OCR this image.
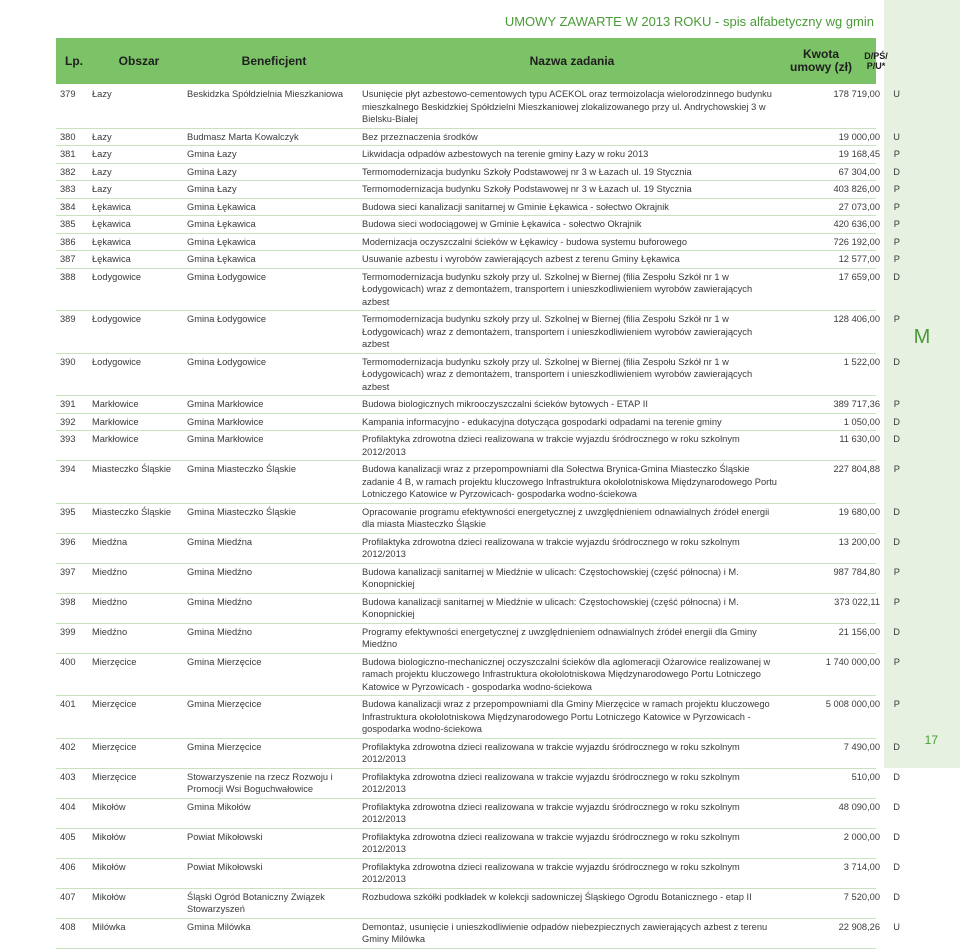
UMOWY ZAWARTE W 2013 ROKU - spis alfabetyczny wg gmin
M
17
Lp.	Obszar	Beneficjent	Nazwa zadania	Kwota
umowy (zł)
D/PŚ/
P/U*
379	Łazy	Beskidzka Spółdzielnia Mieszkaniowa	Usunięcie płyt azbestowo-cementowych typu ACEKOL oraz termoizolacja wielorodzinnego budynku mieszkalnego Beskidzkiej Spółdzielni Mieszkaniowej zlokalizowanego przy ul. Andrychowskiej 3 w Bielsku-Białej
178 719,00	U
380	Łazy	Budmasz Marta Kowalczyk	Bez przeznaczenia środków	19 000,00	U
381	Łazy	Gmina Łazy	Likwidacja odpadów azbestowych na terenie gminy Łazy w roku 2013	19 168,45	P
382	Łazy	Gmina Łazy	Termomodernizacja budynku Szkoły Podstawowej nr 3 w Łazach ul. 19 Stycznia	67 304,00	D
383	Łazy	Gmina Łazy	Termomodernizacja budynku Szkoły Podstawowej nr 3 w Łazach ul. 19 Stycznia	403 826,00	P
384	Łękawica	Gmina Łękawica	Budowa sieci kanalizacji sanitarnej w Gminie Łękawica - sołectwo Okrajnik	27 073,00	P
385	Łękawica	Gmina Łękawica	Budowa sieci wodociągowej w Gminie Łękawica - sołectwo Okrajnik	420 636,00	P
386	Łękawica	Gmina Łękawica	Modernizacja oczyszczalni ścieków w Łękawicy - budowa systemu buforowego	726 192,00	P
387	Łękawica	Gmina Łękawica	Usuwanie azbestu i wyrobów zawierających azbest z terenu Gminy Łękawica	12 577,00	P
388	Łodygowice	Gmina Łodygowice	Termomodernizacja budynku szkoły przy ul. Szkolnej w Biernej (filia Zespołu Szkół nr 1 w Łodygowicach) wraz z demontażem, transportem i unieszkodliwieniem wyrobów zawierających azbest
17 659,00	D
389	Łodygowice	Gmina Łodygowice	Termomodernizacja budynku szkoły przy ul. Szkolnej w Biernej (filia Zespołu Szkół nr 1 w Łodygowicach) wraz z demontażem, transportem i unieszkodliwieniem wyrobów zawierających azbest
128 406,00	P
390	Łodygowice	Gmina Łodygowice	Termomodernizacja budynku szkoły przy ul. Szkolnej w Biernej (filia Zespołu Szkół nr 1 w Łodygowicach) wraz z demontażem, transportem i unieszkodliwieniem wyrobów zawierających azbest
1 522,00	D
391	Markłowice	Gmina Markłowice	Budowa biologicznych mikrooczyszczalni ścieków bytowych - ETAP II	389 717,36	P
392	Markłowice	Gmina Markłowice	Kampania informacyjno - edukacyjna dotycząca gospodarki odpadami na terenie gminy	1 050,00	D
393	Markłowice	Gmina Markłowice	Profilaktyka zdrowotna dzieci realizowana w trakcie wyjazdu śródrocznego w roku szkolnym 2012/2013
11 630,00	D
394	Miasteczko Śląskie	Gmina Miasteczko Śląskie	Budowa kanalizacji wraz z przepompowniami dla Sołectwa Brynica-Gmina Miasteczko Śląskie zadanie 4 B, w ramach projektu kluczowego Infrastruktura okołolotniskowa Międzynarodowego Portu Lotniczego Katowice w Pyrzowicach- gospodarka wodno-ściekowa
227 804,88	P
395	Miasteczko Śląskie	Gmina Miasteczko Śląskie	Opracowanie programu efektywności energetycznej z uwzględnieniem odnawialnych źródeł energii dla miasta Miasteczko Śląskie
19 680,00	D
396	Miedźna	Gmina Miedźna	Profilaktyka zdrowotna dzieci realizowana w trakcie wyjazdu śródrocznego w roku szkolnym 2012/2013
13 200,00	D
397	Miedźno	Gmina Miedźno	Budowa kanalizacji sanitarnej w Miedźnie w ulicach: Częstochowskiej (część północna) i M. Konopnickiej
987 784,80	P
398	Miedźno	Gmina Miedźno	Budowa kanalizacji sanitarnej w Miedźnie w ulicach: Częstochowskiej (część północna) i M. Konopnickiej
373 022,11	P
399	Miedźno	Gmina Miedźno	Programy efektywności energetycznej z uwzględnieniem odnawialnych źródeł energii dla Gminy Miedźno
21 156,00	D
400	Mierzęcice	Gmina Mierzęcice	Budowa biologiczno-mechanicznej oczyszczalni ścieków dla aglomeracji Ożarowice realizowanej w ramach projektu kluczowego Infrastruktura okołolotniskowa Międzynarodowego Portu Lotniczego Katowice w Pyrzowicach - gospodarka wodno-ściekowa
1 740 000,00	P
401	Mierzęcice	Gmina Mierzęcice	Budowa kanalizacji wraz z przepompowniami dla Gminy Mierzęcice w ramach projektu kluczowego Infrastruktura okołolotniskowa Międzynarodowego Portu Lotniczego Katowice w Pyrzowicach - gospodarka wodno-ściekowa
5 008 000,00	P
402	Mierzęcice	Gmina Mierzęcice	Profilaktyka zdrowotna dzieci realizowana w trakcie wyjazdu śródrocznego w roku szkolnym 2012/2013
7 490,00	D
403	Mierzęcice	Stowarzyszenie na rzecz Rozwoju i Promocji Wsi Boguchwałowice
Profilaktyka zdrowotna dzieci realizowana w trakcie wyjazdu śródrocznego w roku szkolnym 2012/2013
510,00	D
404	Mikołów	Gmina Mikołów	Profilaktyka zdrowotna dzieci realizowana w trakcie wyjazdu śródrocznego w roku szkolnym 2012/2013
48 090,00	D
405	Mikołów	Powiat Mikołowski	Profilaktyka zdrowotna dzieci realizowana w trakcie wyjazdu śródrocznego w roku szkolnym 2012/2013
2 000,00	D
406	Mikołów	Powiat Mikołowski	Profilaktyka zdrowotna dzieci realizowana w trakcie wyjazdu śródrocznego w roku szkolnym 2012/2013
3 714,00	D
407	Mikołów	Śląski Ogród Botaniczny Związek Stowarzyszeń
Rozbudowa szkółki podkładek w kolekcji sadowniczej Śląskiego Ogrodu Botanicznego - etap II	7 520,00	D
408	Milówka	Gmina Milówka	Demontaż, usunięcie i unieszkodliwienie odpadów niebezpiecznych zawierających azbest z terenu Gminy Milówka
22 908,26	U
